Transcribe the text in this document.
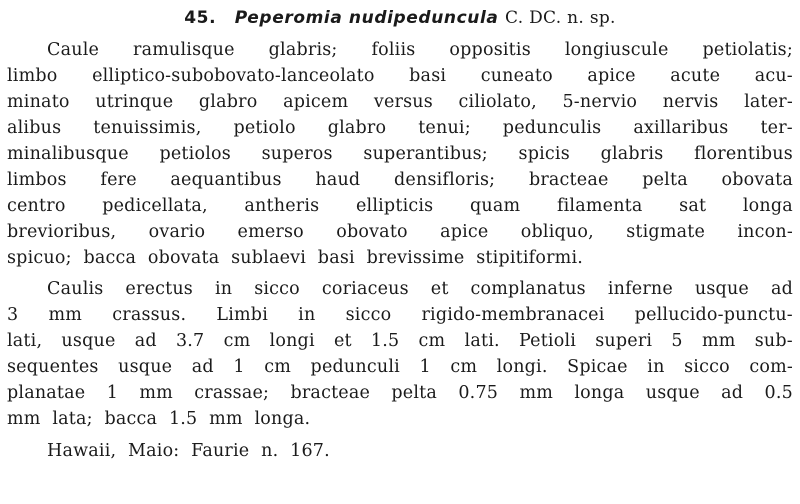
45. Peperomia nudipeduncula C. DC. n. sp.
Caule ramulisque glabris; foliis oppositis longiuscule petiolatis;
limbo elliptico-subobovato-lanceolato basi cuneato apice acute acu-
minato utrinque glabro apicem versus ciliolato, 5-nervio nervis later-
alibus tenuissimis, petiolo glabro tenui; pedunculis axillaribus ter-
minalibusque petiolos superos superantibus; spicis glabris florentibus
limbos fere aequantibus haud densifloris; bracteae pelta obovata
centro pedicellata, antheris ellipticis quam filamenta sat longa
brevioribus, ovario emerso obovato apice obliquo, stigmate incon-
spicuo; bacca obovata sublaevi basi brevissime stipitiformi.
Caulis erectus in sicco coriaceus et complanatus inferne usque ad
3 mm crassus. Limbi in sicco rigido-membranacei pellucido-punctu-
lati, usque ad 3.7 cm longi et 1.5 cm lati. Petioli superi 5 mm sub-
sequentes usque ad 1 cm pedunculi 1 cm longi. Spicae in sicco com-
planatae 1 mm crassae; bracteae pelta 0.75 mm longa usque ad 0.5
mm lata; bacca 1.5 mm longa.
Hawaii, Maio: Faurie n. 167.
